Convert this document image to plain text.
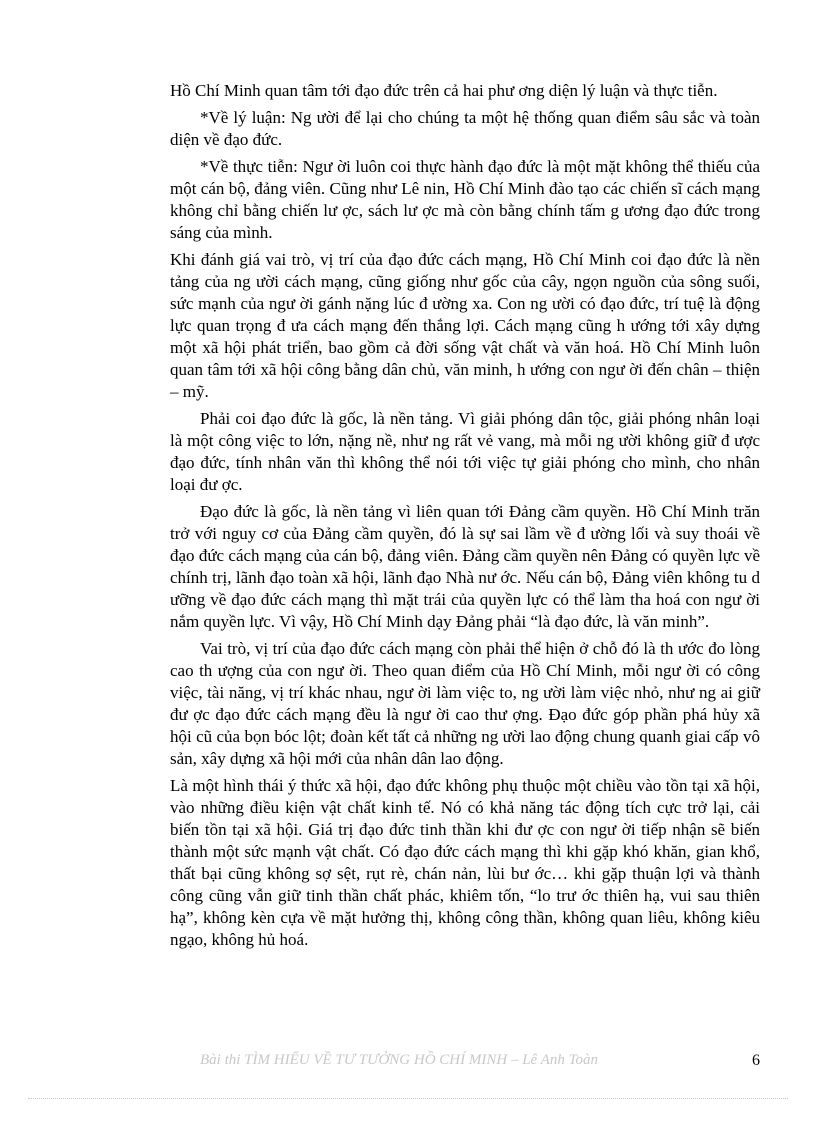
Hồ Chí Minh quan tâm tới đạo đức trên cả hai phư ơng diện lý luận và thực tiễn.

*Về lý luận: Ng ười để lại cho chúng ta một hệ thống quan điểm sâu sắc và toàn diện về đạo đức.

*Về thực tiễn: Ngư ời luôn coi thực hành đạo đức là một mặt không thể thiếu của một cán bộ, đảng viên. Cũng như Lê nin, Hồ Chí Minh đào tạo các chiến sĩ cách mạng không chỉ bằng chiến lư ợc, sách lư ợc mà còn bằng chính tấm g ương đạo đức trong sáng của mình.

Khi đánh giá vai trò, vị trí của đạo đức cách mạng, Hồ Chí Minh coi đạo đức là nền tảng của ng ười cách mạng, cũng giống như gốc của cây, ngọn nguồn của sông suối, sức mạnh của ngư ời gánh nặng lúc đ ường xa. Con ng ười có đạo đức, trí tuệ là động lực quan trọng đ ưa cách mạng đến thắng lợi. Cách mạng cũng h ướng tới xây dựng một xã hội phát triển, bao gồm cả đời sống vật chất và văn hoá. Hồ Chí Minh luôn quan tâm tới xã hội công bằng dân chủ, văn minh, h ướng con ngư ời đến chân – thiện – mỹ.

Phải coi đạo đức là gốc, là nền tảng. Vì giải phóng dân tộc, giải phóng nhân loại là một công việc to lớn, nặng nề, như ng rất vẻ vang, mà mỗi ng ười không giữ đ ược đạo đức, tính nhân văn thì không thể nói tới việc tự giải phóng cho mình, cho nhân loại đư ợc.

Đạo đức là gốc, là nền tảng vì liên quan tới Đảng cầm quyền. Hồ Chí Minh trăn trở với nguy cơ của Đảng cầm quyền, đó là sự sai lầm về đ ường lối và suy thoái về đạo đức cách mạng của cán bộ, đảng viên. Đảng cầm quyền nên Đảng có quyền lực về chính trị, lãnh đạo toàn xã hội, lãnh đạo Nhà nư ớc. Nếu cán bộ, Đảng viên không tu d ưỡng về đạo đức cách mạng thì mặt trái của quyền lực có thể làm tha hoá con ngư ời nắm quyền lực. Vì vậy, Hồ Chí Minh dạy Đảng phải “là đạo đức, là văn minh”.

Vai trò, vị trí của đạo đức cách mạng còn phải thể hiện ở chỗ đó là th ước đo lòng cao th ượng của con ngư ời. Theo quan điểm của Hồ Chí Minh, mỗi ngư ời có công việc, tài năng, vị trí khác nhau, ngư ời làm việc to, ng ười làm việc nhỏ, như ng ai giữ đư ợc đạo đức cách mạng đều là ngư ời cao thư ợng. Đạo đức góp phần phá hủy xã hội cũ của bọn bóc lột; đoàn kết tất cả những ng ười lao động chung quanh giai cấp vô sản, xây dựng xã hội mới của nhân dân lao động.

Là một hình thái ý thức xã hội, đạo đức không phụ thuộc một chiều vào tồn tại xã hội, vào những điều kiện vật chất kinh tế. Nó có khả năng tác động tích cực trở lại, cải biến tồn tại xã hội. Giá trị đạo đức tinh thần khi đư ợc con ngư ời tiếp nhận sẽ biến thành một sức mạnh vật chất. Có đạo đức cách mạng thì khi gặp khó khăn, gian khổ, thất bại cũng không sợ sệt, rụt rè, chán nản, lùi bư ớc… khi gặp thuận lợi và thành công cũng vẫn giữ tinh thần chất phác, khiêm tốn, “lo trư ớc thiên hạ, vui sau thiên hạ”, không kèn cựa về mặt hưởng thị, không công thần, không quan liêu, không kiêu ngạo, không hủ hoá.

Bài thi TÌM HIỂU VỀ TƯ TƯỞNG HỒ CHÍ MINH – Lê Anh Toàn	6
